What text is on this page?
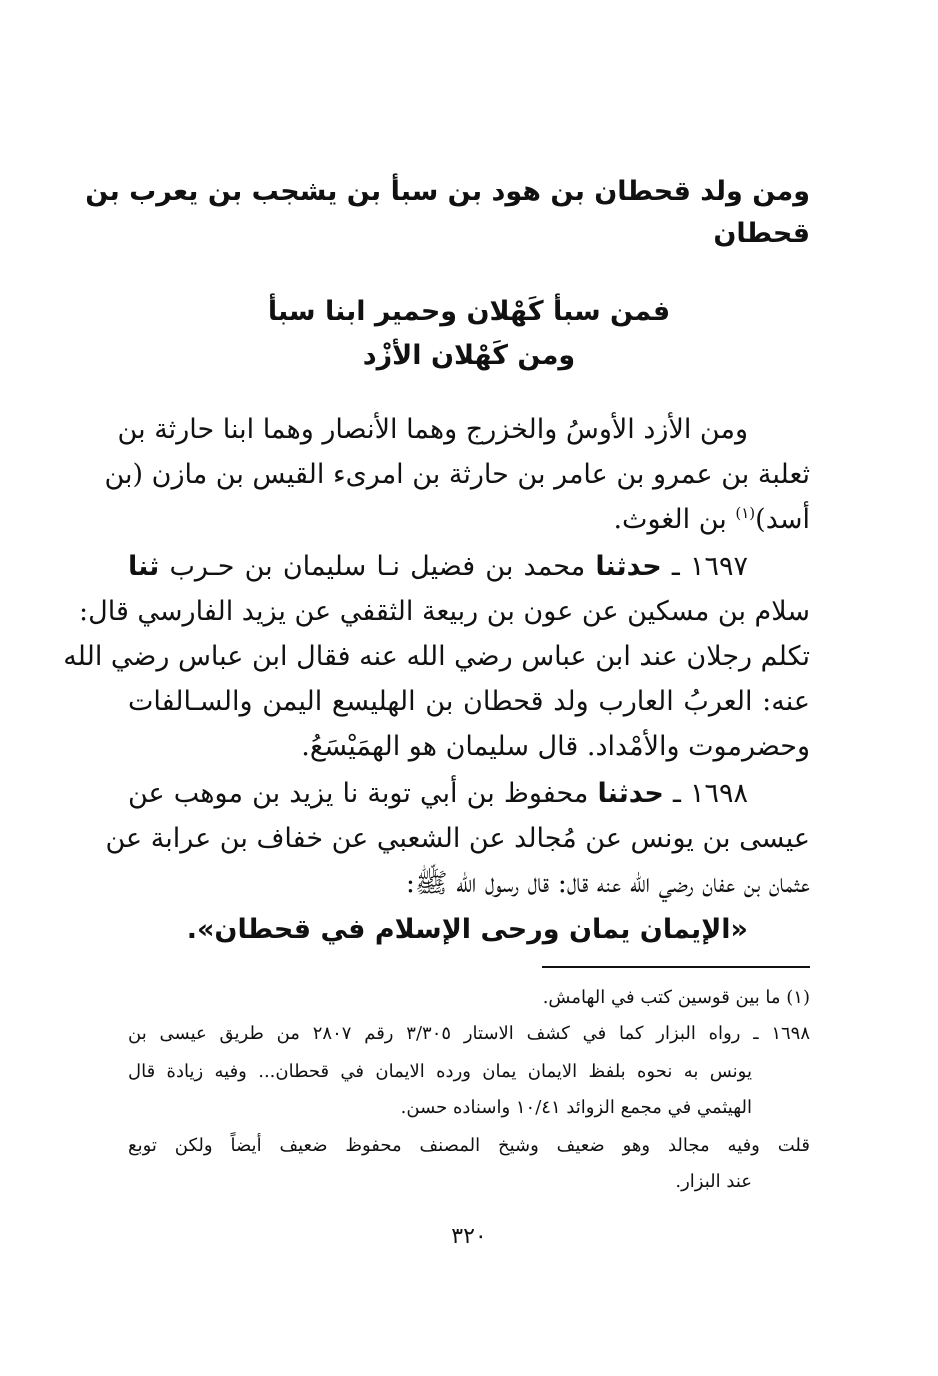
ومن ولد قحطان بن هود بن سبأ بن يشجب بن يعرب بن
قحطان
فمن سبأ كَهْلان وحمير ابنا سبأ
ومن كَهْلان الأزْد
ومن الأزد الأوسُ والخزرج وهما الأنصار وهما ابنا حارثة بن
ثعلبة بن عمرو بن عامر بن حارثة بن امرىء القيس بن مازن (بن
أسد)$^{(١)}$ بن الغوث.
١٦٩٧ ـ حدثنا محمد بن فضيل نـا سليمان بن حـرب ثنا
سلام بن مسكين عن عون بن ربيعة الثقفي عن يزيد الفارسي قال:
تكلم رجلان عند ابن عباس رضي الله عنه فقال ابن عباس رضي الله
عنه: العربُ العارب ولد قحطان بن الهليسع اليمن والسـالفات
وحضرموت والأمْداد. قال سليمان هو الهمَيْسَعُ.
١٦٩٨ ـ حدثنا محفوظ بن أبي توبة نا يزيد بن موهب عن
عيسى بن يونس عن مُجالد عن الشعبي عن خفاف بن عرابة عن
عثمان بن عفان رضي الله عنه قال: قال رسول الله ﷺ:
«الإيمان يمان ورحى الإسلام في قحطان».
(١) ما بين قوسين كتب في الهامش.
١٦٩٨ ـ رواه البزار كما في كشف الاستار ٣/٣٠٥ رقم ٢٨٠٧ من طريق عيسى بن
يونس به نحوه بلفظ الايمان يمان ورده الايمان في قحطان... وفيه زيادة قال
الهيثمي في مجمع الزوائد ١٠/٤١ واسناده حسن.
قلت وفيه مجالد وهو ضعيف وشيخ المصنف محفوظ ضعيف أيضاً ولكن توبع
عند البزار.
٣٢٠
